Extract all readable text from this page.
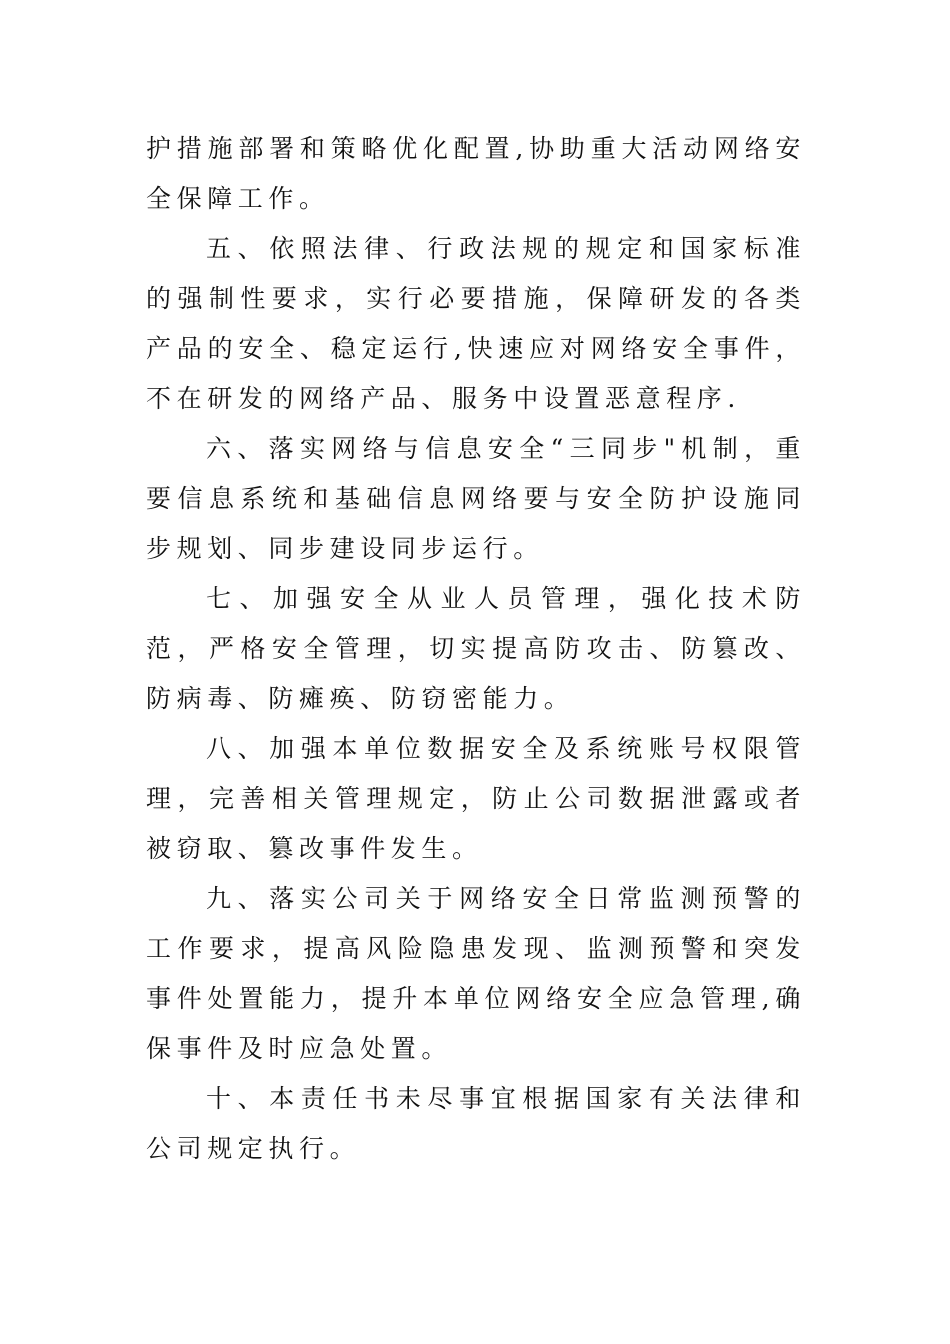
护措施部署和策略优化配置,协助重大活动网络安全保障工作。

五、依照法律、行政法规的规定和国家标准的强制性要求，实行必要措施，保障研发的各类产品的安全、稳定运行,快速应对网络安全事件，不在研发的网络产品、服务中设置恶意程序.

六、落实网络与信息安全“三同步"机制，重要信息系统和基础信息网络要与安全防护设施同步规划、同步建设同步运行。

七、加强安全从业人员管理，强化技术防范，严格安全管理，切实提高防攻击、防篡改、防病毒、防瘫痪、防窃密能力。

八、加强本单位数据安全及系统账号权限管理，完善相关管理规定，防止公司数据泄露或者被窃取、篡改事件发生。

九、落实公司关于网络安全日常监测预警的工作要求，提高风险隐患发现、监测预警和突发事件处置能力，提升本单位网络安全应急管理,确保事件及时应急处置。

十、本责任书未尽事宜根据国家有关法律和公司规定执行。
